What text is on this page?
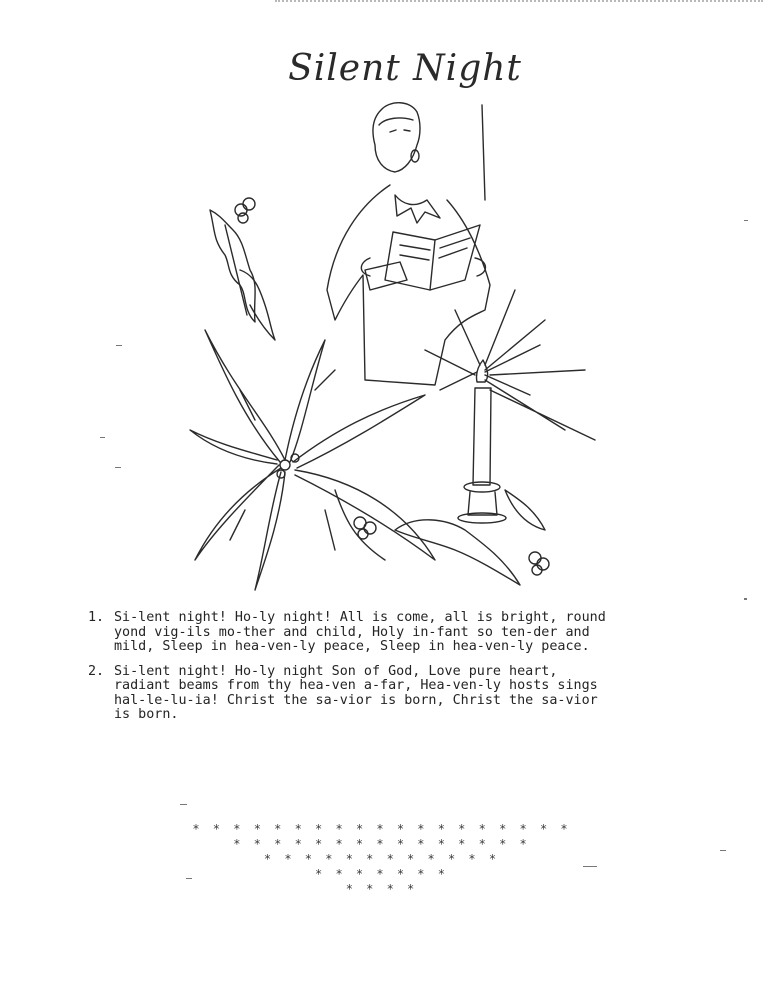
Silent Night
1. Si-lent night! Ho-ly night! All is come, all is bright, round

yond vig-ils mo-ther and child, Holy in-fant so ten-der and

mild, Sleep in hea-ven-ly peace, Sleep in hea-ven-ly peace.

2. Si-lent night! Ho-ly night Son of God, Love pure heart,

radiant beams from thy hea-ven a-far, Hea-ven-ly hosts sings

hal-le-lu-ia! Christ the sa-vior is born, Christ the sa-vior

is born.

* * * * * * * * * * * * * * * * * * *
* * * * * * * * * * * * * * *
* * * * * * * * * * * *
* * * * * * *
* * * *
